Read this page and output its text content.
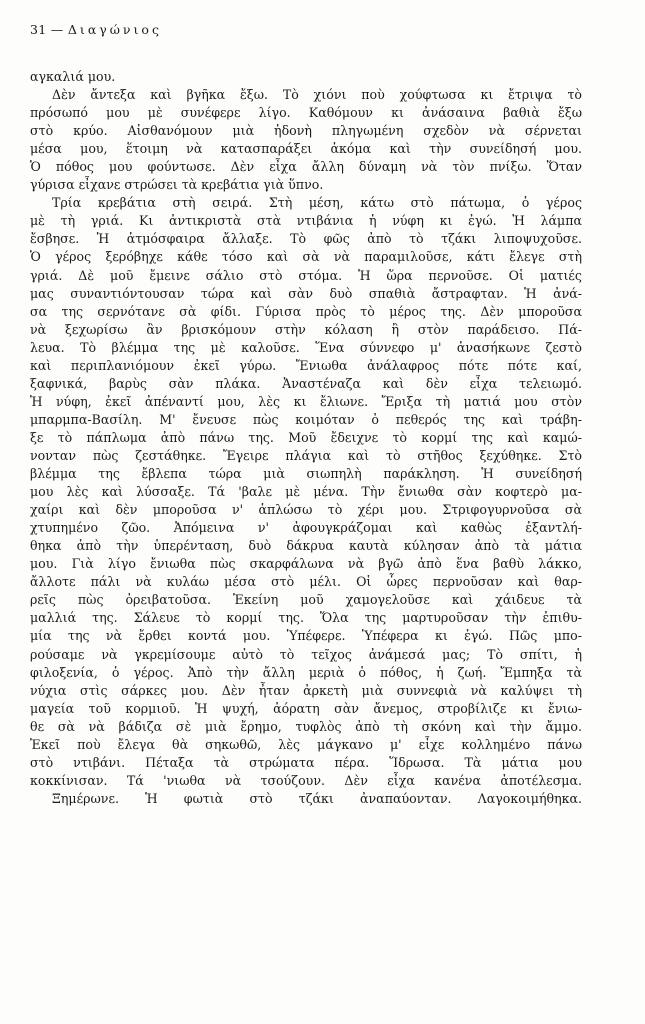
31 — Διαγώνιος
αγκαλιά μου.
Δὲν ἄντεξα καὶ βγῆκα ἔξω. Τὸ χιόνι ποὺ χούφτωσα κι ἔτριψα τὸ
πρόσωπό μου μὲ συνέφερε λίγο. Καθόμουν κι ἀνάσαινα βαθιὰ ἔξω
στὸ κρύο. Αἰσθανόμουν μιὰ ἡδονὴ πληγωμένη σχεδὸν νὰ σέρνεται
μέσα μου, ἕτοιμη νὰ κατασπαράξει ἀκόμα καὶ τὴν συνείδησή μου.
Ὁ πόθος μου φούντωσε. Δὲν εἶχα ἄλλη δύναμη νὰ τὸν πνίξω. Ὅταν
γύρισα εἶχανε στρώσει τὰ κρεβάτια γιὰ ὕπνο.
Τρία κρεβάτια στὴ σειρά. Στὴ μέση, κάτω στὸ πάτωμα, ὁ γέρος
μὲ τὴ γριά. Κι ἀντικριστὰ στὰ ντιβάνια ἡ νύφη κι ἐγώ. Ἡ λάμπα
ἔσβησε. Ἡ ἀτμόσφαιρα ἄλλαξε. Τὸ φῶς ἀπὸ τὸ τζάκι λιποψυχοῦσε.
Ὁ γέρος ξερόβηχε κάθε τόσο καὶ σὰ νὰ παραμιλοῦσε, κάτι ἔλεγε στὴ
γριά. Δὲ μοῦ ἔμεινε σάλιο στὸ στόμα. Ἡ ὥρα περνοῦσε. Οἱ ματιές
μας συναντιόντουσαν τώρα καὶ σὰν δυὸ σπαθιὰ ἄστραφταν. Ἡ ἀνά-
σα της σερνότανε σὰ φίδι. Γύρισα πρὸς τὸ μέρος της. Δὲν μποροῦσα
νὰ ξεχωρίσω ἂν βρισκόμουν στὴν κόλαση ἢ στὸν παράδεισο. Πά-
λευα. Τὸ βλέμμα της μὲ καλοῦσε. Ἕνα σύννεφο μ' ἀνασήκωνε ζεστὸ
καὶ περιπλανιόμουν ἐκεῖ γύρω. Ἔνιωθα ἀνάλαφρος πότε πότε καί,
ξαφνικά, βαρὺς σὰν πλάκα. Ἀναστέναζα καὶ δὲν εἶχα τελειωμό.
Ἡ νύφη, ἐκεῖ ἀπέναντί μου, λὲς κι ἔλιωνε. Ἔριξα τὴ ματιά μου στὸν
μπαρμπα-Βασίλη. Μ' ἔνευσε πὼς κοιμόταν ὁ πεθερός της καὶ τράβη-
ξε τὸ πάπλωμα ἀπὸ πάνω της. Μοῦ ἔδειχνε τὸ κορμί της καὶ καμώ-
νονταν πὼς ζεστάθηκε. Ἔγειρε πλάγια καὶ τὸ στῆθος ξεχύθηκε. Στὸ
βλέμμα της ἔβλεπα τώρα μιὰ σιωπηλὴ παράκληση. Ἡ συνείδησή
μου λὲς καὶ λύσσαξε. Τά 'βαλε μὲ μένα. Τὴν ἔνιωθα σὰν κοφτερὸ μα-
χαίρι καὶ δὲν μποροῦσα ν' ἁπλώσω τὸ χέρι μου. Στριφογυρνοῦσα σὰ
χτυπημένο ζῶο. Ἀπόμεινα ν' ἀφουγκράζομαι καὶ καθὼς ἐξαντλή-
θηκα ἀπὸ τὴν ὑπερένταση, δυὸ δάκρυα καυτὰ κύλησαν ἀπὸ τὰ μάτια
μου. Γιὰ λίγο ἔνιωθα πὼς σκαρφάλωνα νὰ βγῶ ἀπὸ ἕνα βαθὺ λάκκο,
ἄλλοτε πάλι νὰ κυλάω μέσα στὸ μέλι. Οἱ ὧρες περνοῦσαν καὶ θαρ-
ρεῖς πὼς ὀρειβατοῦσα. Ἐκείνη μοῦ χαμογελοῦσε καὶ χάιδευε τὰ
μαλλιά της. Σάλευε τὸ κορμί της. Ὅλα της μαρτυροῦσαν τὴν ἐπιθυ-
μία της νὰ ἔρθει κοντά μου. Ὑπέφερε. Ὑπέφερα κι ἐγώ. Πῶς μπο-
ρούσαμε νὰ γκρεμίσουμε αὐτὸ τὸ τεῖχος ἀνάμεσά μας; Τὸ σπίτι, ἡ
φιλοξενία, ὁ γέρος. Ἀπὸ τὴν ἄλλη μεριὰ ὁ πόθος, ἡ ζωή. Ἔμπηξα τὰ
νύχια στὶς σάρκες μου. Δὲν ἦταν ἀρκετὴ μιὰ συννεφιὰ νὰ καλύψει τὴ
μαγεία τοῦ κορμιοῦ. Ἡ ψυχή, ἀόρατη σὰν ἄνεμος, στροβίλιζε κι ἔνιω-
θε σὰ νὰ βάδιζα σὲ μιὰ ἔρημο, τυφλὸς ἀπὸ τὴ σκόνη καὶ τὴν ἄμμο.
Ἐκεῖ ποὺ ἔλεγα θὰ σηκωθῶ, λὲς μάγκανο μ' εἶχε κολλημένο πάνω
στὸ ντιβάνι. Πέταξα τὰ στρώματα πέρα. Ἵδρωσα. Τὰ μάτια μου
κοκκίνισαν. Τά 'νιωθα νὰ τσούζουν. Δὲν εἶχα κανένα ἀποτέλεσμα.
Ξημέρωνε. Ἡ φωτιὰ στὸ τζάκι ἀναπαύονταν. Λαγοκοιμήθηκα.
